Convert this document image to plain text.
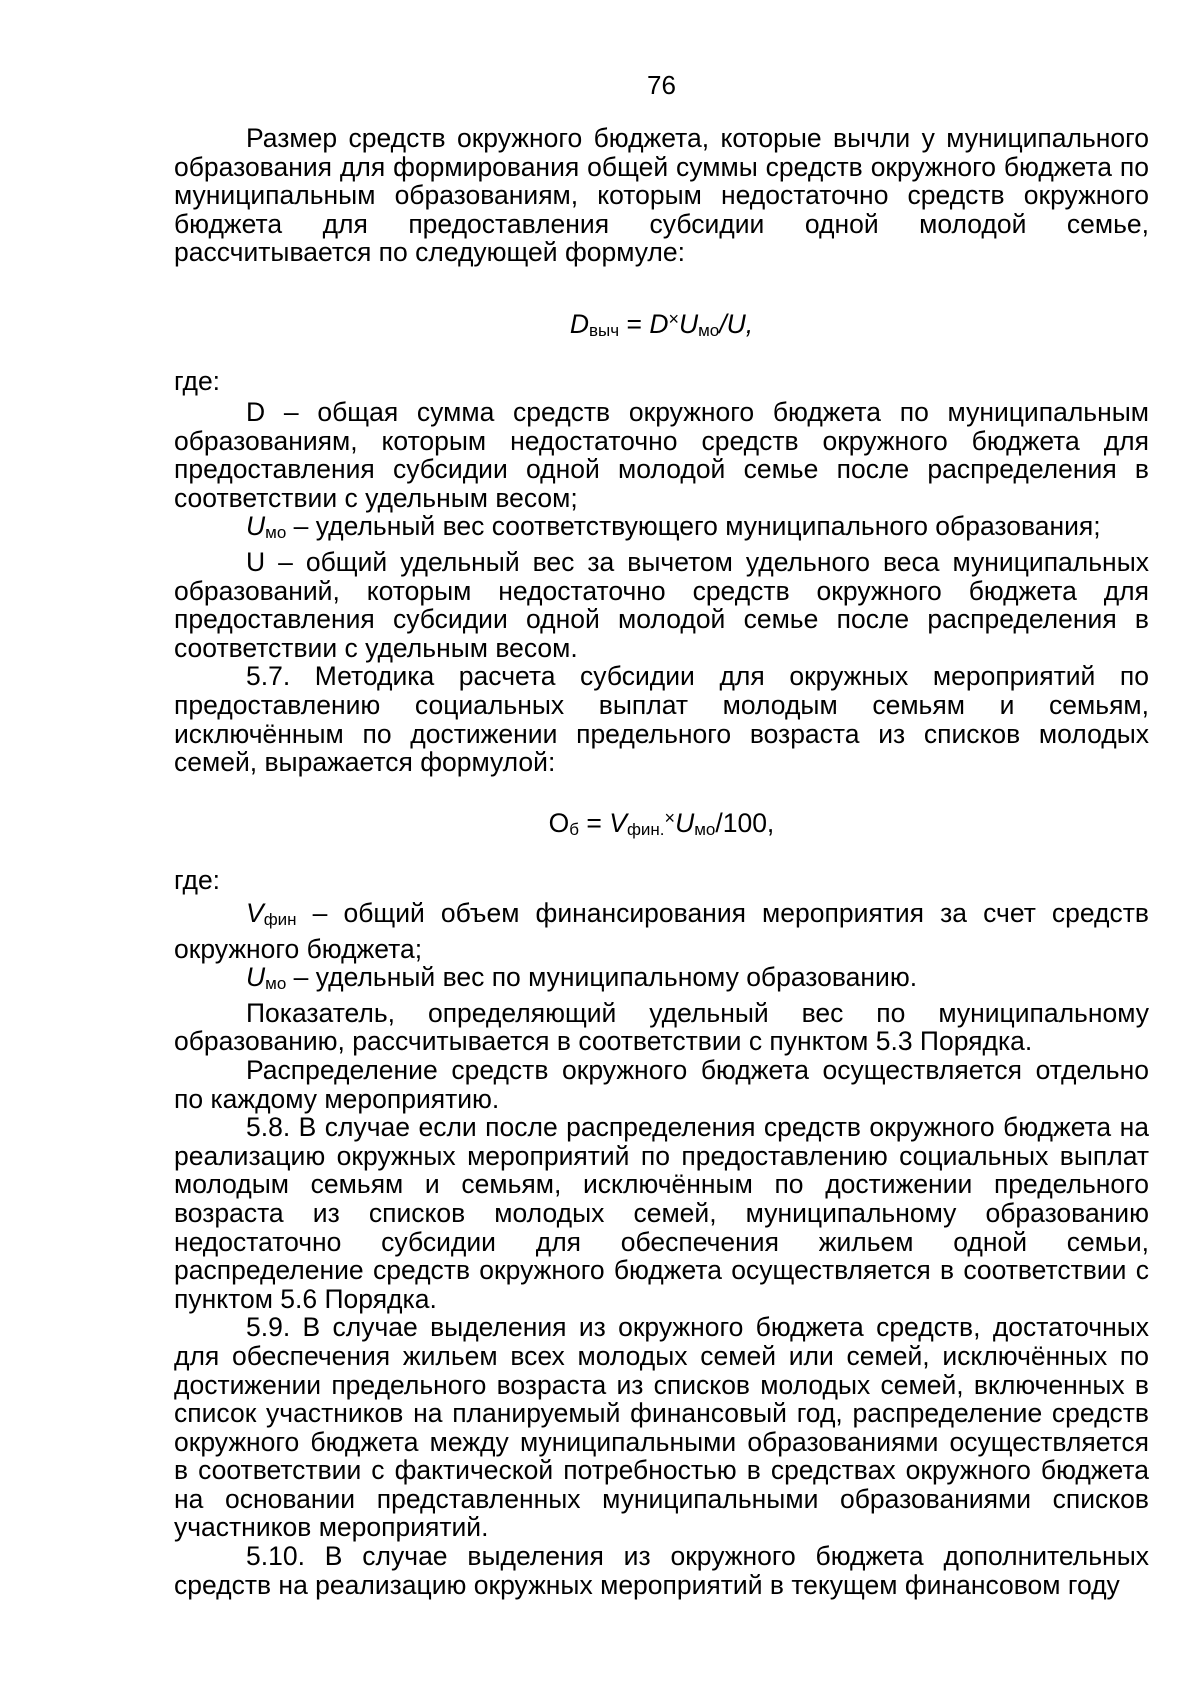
76

Размер средств окружного бюджета, которые вычли у муниципального образования для формирования общей суммы средств окружного бюджета по муниципальным образованиям, которым недостаточно средств окружного бюджета для предоставления субсидии одной молодой семье, рассчитывается по следующей формуле:

Dвыч = D×Uмо/U,
где:

D – общая сумма средств окружного бюджета по муниципальным образованиям, которым недостаточно средств окружного бюджета для предоставления субсидии одной молодой семье после распределения в соответствии с удельным весом;

Uмо – удельный вес соответствующего муниципального образования;

U – общий удельный вес за вычетом удельного веса муниципальных образований, которым недостаточно средств окружного бюджета для предоставления субсидии одной молодой семье после распределения в соответствии с удельным весом.

5.7. Методика расчета субсидии для окружных мероприятий по предоставлению социальных выплат молодым семьям и семьям, исключённым по достижении предельного возраста из списков молодых семей, выражается формулой:

Об = Vфин.×Uмо/100,
где:

Vфин – общий объем финансирования мероприятия за счет средств окружного бюджета;

Uмо – удельный вес по муниципальному образованию.

Показатель, определяющий удельный вес по муниципальному образованию, рассчитывается в соответствии с пунктом 5.3 Порядка.

Распределение средств окружного бюджета осуществляется отдельно по каждому мероприятию.

5.8. В случае если после распределения средств окружного бюджета на реализацию окружных мероприятий по предоставлению социальных выплат молодым семьям и семьям, исключённым по достижении предельного возраста из списков молодых семей, муниципальному образованию недостаточно субсидии для обеспечения жильем одной семьи, распределение средств окружного бюджета осуществляется в соответствии с пунктом 5.6 Порядка.

5.9. В случае выделения из окружного бюджета средств, достаточных для обеспечения жильем всех молодых семей или семей, исключённых по достижении предельного возраста из списков молодых семей, включенных в список участников на планируемый финансовый год, распределение средств окружного бюджета между муниципальными образованиями осуществляется в соответствии с фактической потребностью в средствах окружного бюджета на основании представленных муниципальными образованиями списков участников мероприятий.

5.10. В случае выделения из окружного бюджета дополнительных средств на реализацию окружных мероприятий в текущем финансовом году
